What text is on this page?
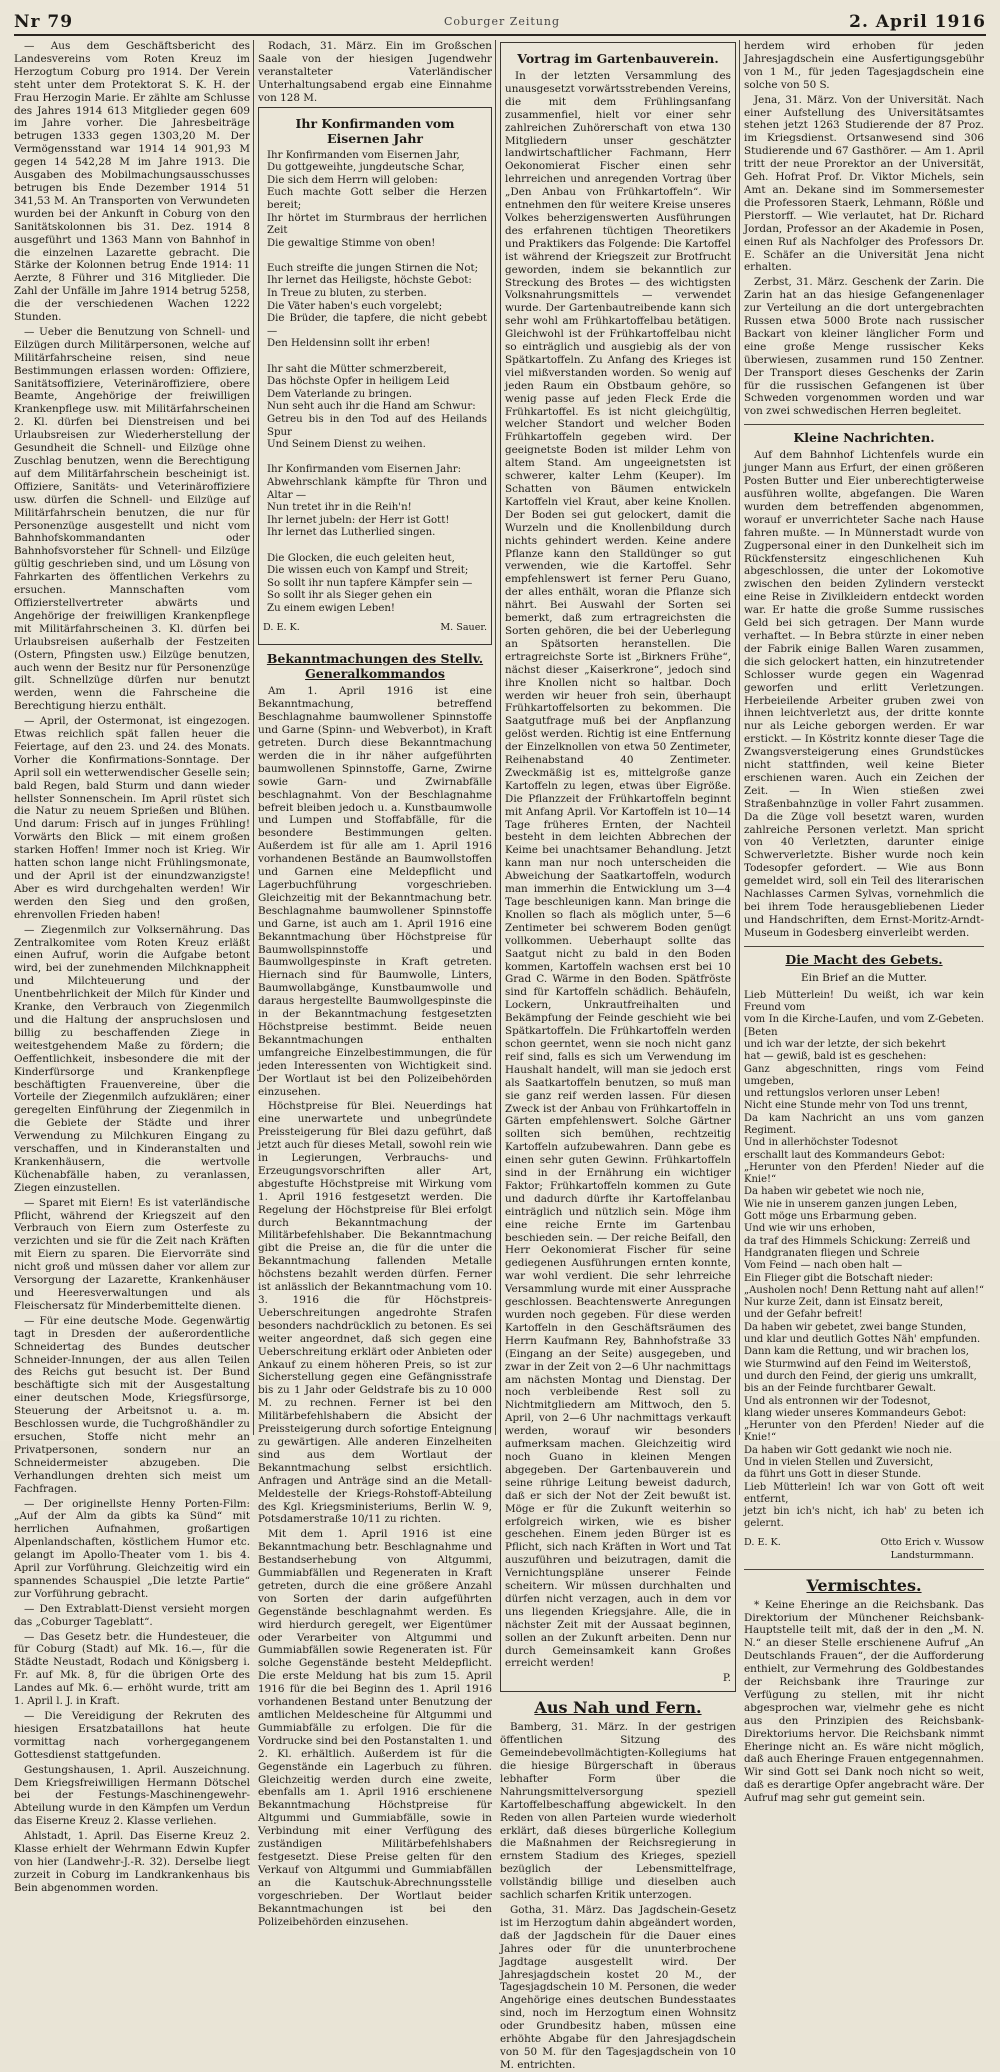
Nr 79	Coburger Zeitung	2. April 1916

— Aus dem Geschäftsbericht des Landesvereins vom Roten Kreuz im Herzogtum Coburg pro 1914. Der Verein steht unter dem Protektorat S. K. H. der Frau Herzogin Marie. Er zählte am Schlusse des Jahres 1914 613 Mitglieder gegen 609 im Jahre vorher. Die Jahresbeiträge betrugen 1333 gegen 1303,20 M. Der Vermögensstand war 1914 14 901,93 M gegen 14 542,28 M im Jahre 1913. Die Ausgaben des Mobilmachungsausschusses betrugen bis Ende Dezember 1914 51 341,53 M. An Transporten von Verwundeten wurden bei der Ankunft in Coburg von den Sanitätskolonnen bis 31. Dez. 1914 8 ausgeführt und 1363 Mann von Bahnhof in die einzelnen Lazarette gebracht. Die Stärke der Kolonnen betrug Ende 1914: 11 Aerzte, 8 Führer und 316 Mitglieder. Die Zahl der Unfälle im Jahre 1914 betrug 5258, die der verschiedenen Wachen 1222 Stunden.

— Ueber die Benutzung von Schnell- und Eilzügen durch Militärpersonen, welche auf Militärfahrscheine reisen, sind neue Bestimmungen erlassen worden: Offiziere, Sanitätsoffiziere, Veterinäroffiziere, obere Beamte, Angehörige der freiwilligen Krankenpflege usw. mit Militärfahrscheinen 2. Kl. dürfen bei Dienstreisen und bei Urlaubsreisen zur Wiederherstellung der Gesundheit die Schnell- und Eilzüge ohne Zuschlag benutzen, wenn die Berechtigung auf dem Militärfahrschein bescheinigt ist. Offiziere, Sanitäts- und Veterinäroffiziere usw. dürfen die Schnell- und Eilzüge auf Militärfahrschein benutzen, die nur für Personenzüge ausgestellt und nicht vom Bahnhofskommandanten oder Bahnhofsvorsteher für Schnell- und Eilzüge gültig geschrieben sind, und um Lösung von Fahrkarten des öffentlichen Verkehrs zu ersuchen. Mannschaften vom Offizierstellvertreter abwärts und Angehörige der freiwilligen Krankenpflege mit Militärfahrscheinen 3. Kl. dürfen bei Urlaubsreisen außerhalb der Festzeiten (Ostern, Pfingsten usw.) Eilzüge benutzen, auch wenn der Besitz nur für Personenzüge gilt. Schnellzüge dürfen nur benutzt werden, wenn die Fahrscheine die Berechtigung hierzu enthält.

— April, der Ostermonat, ist eingezogen. Etwas reichlich spät fallen heuer die Feiertage, auf den 23. und 24. des Monats. Vorher die Konfirmations-Sonntage. Der April soll ein wetterwendischer Geselle sein; bald Regen, bald Sturm und dann wieder hellster Sonnenschein. Im April rüstet sich die Natur zu neuem Sprießen und Blühen. Und darum: Frisch auf in junges Frühling! Vorwärts den Blick — mit einem großen starken Hoffen! Immer noch ist Krieg. Wir hatten schon lange nicht Frühlingsmonate, und der April ist der einundzwanzigste! Aber es wird durchgehalten werden! Wir werden den Sieg und den großen, ehrenvollen Frieden haben!

— Ziegenmilch zur Volksernährung. Das Zentralkomitee vom Roten Kreuz erläßt einen Aufruf, worin die Aufgabe betont wird, bei der zunehmenden Milchknappheit und Milchteuerung und der Unentbehrlichkeit der Milch für Kinder und Kranke, den Verbrauch von Ziegenmilch und die Haltung der anspruchslosen und billig zu beschaffenden Ziege in weitestgehendem Maße zu fördern; die Oeffentlichkeit, insbesondere die mit der Kinderfürsorge und Krankenpflege beschäftigten Frauenvereine, über die Vorteile der Ziegenmilch aufzuklären; einer geregelten Einführung der Ziegenmilch in die Gebiete der Städte und ihrer Verwendung zu Milchkuren Eingang zu verschaffen, und in Kinderanstalten und Krankenhäusern, die wertvolle Küchenabfälle haben, zu veranlassen, Ziegen einzustellen.

— Sparet mit Eiern! Es ist vaterländische Pflicht, während der Kriegszeit auf den Verbrauch von Eiern zum Osterfeste zu verzichten und sie für die Zeit nach Kräften mit Eiern zu sparen. Die Eiervorräte sind nicht groß und müssen daher vor allem zur Versorgung der Lazarette, Krankenhäuser und Heeresverwaltungen und als Fleischersatz für Minderbemittelte dienen.

— Für eine deutsche Mode. Gegenwärtig tagt in Dresden der außerordentliche Schneidertag des Bundes deutscher Schneider-Innungen, der aus allen Teilen des Reichs gut besucht ist. Der Bund beschäftigte sich mit der Ausgestaltung einer deutschen Mode, Kriegsfürsorge, Steuerung der Arbeitsnot u. a. m. Beschlossen wurde, die Tuchgroßhändler zu ersuchen, Stoffe nicht mehr an Privatpersonen, sondern nur an Schneidermeister abzugeben. Die Verhandlungen drehten sich meist um Fachfragen.

— Der originellste Henny Porten-Film: „Auf der Alm da gibts ka Sünd“ mit herrlichen Aufnahmen, großartigen Alpenlandschaften, köstlichem Humor etc. gelangt im Apollo-Theater vom 1. bis 4. April zur Vorführung. Gleichzeitig wird ein spannendes Schauspiel „Die letzte Partie“ zur Vorführung gebracht.

— Den Extrablatt-Dienst versieht morgen das „Coburger Tageblatt“.

— Das Gesetz betr. die Hundesteuer, die für Coburg (Stadt) auf Mk. 16.—, für die Städte Neustadt, Rodach und Königsberg i. Fr. auf Mk. 8, für die übrigen Orte des Landes auf Mk. 6.— erhöht wurde, tritt am 1. April l. J. in Kraft.

— Die Vereidigung der Rekruten des hiesigen Ersatzbataillons hat heute vormittag nach vorhergegangenem Gottesdienst stattgefunden.

Gestungshausen, 1. April. Auszeichnung. Dem Kriegsfreiwilligen Hermann Dötschel bei der Festungs-Maschinengewehr-Abteilung wurde in den Kämpfen um Verdun das Eiserne Kreuz 2. Klasse verliehen.

Ahlstadt, 1. April. Das Eiserne Kreuz 2. Klasse erhielt der Wehrmann Edwin Kupfer von hier (Landwehr-J.-R. 32). Derselbe liegt zurzeit in Coburg im Landkrankenhaus bis Bein abgenommen worden.

Rodach, 31. März. Ein im Großschen Saale von der hiesigen Jugendwehr veranstalteter Vaterländischer Unterhaltungsabend ergab eine Einnahme von 128 M.

Ihr Konfirmanden vom Eisernen Jahr
Ihr Konfirmanden vom Eisernen Jahr,
Du gottgeweihte, jungdeutsche Schar,
Die sich dem Herrn will geloben:
Euch machte Gott selber die Herzen bereit;
Ihr hörtet im Sturmbraus der herrlichen Zeit
Die gewaltige Stimme von oben!

Euch streifte die jungen Stirnen die Not;
Ihr lernet das Heiligste, höchste Gebot:
In Treue zu bluten, zu sterben.
Die Väter haben's euch vorgelebt;
Die Brüder, die tapfere, die nicht gebebt —
Den Heldensinn sollt ihr erben!

Ihr saht die Mütter schmerzbereit,
Das höchste Opfer in heiligem Leid
Dem Vaterlande zu bringen.
Nun seht auch ihr die Hand am Schwur:
Getreu bis in den Tod auf des Heilands Spur
Und Seinem Dienst zu weihen.

Ihr Konfirmanden vom Eisernen Jahr:
Abwehrschlank kämpfte für Thron und Altar —
Nun tretet ihr in die Reih'n!
Ihr lernet jubeln: der Herr ist Gott!
Ihr lernet das Lutherlied singen.

Die Glocken, die euch geleiten heut,
Die wissen euch von Kampf und Streit;
So sollt ihr nun tapfere Kämpfer sein —
So sollt ihr als Sieger gehen ein
Zu einem ewigen Leben!
D. E. K.	M. Sauer.
Bekanntmachungen des Stellv. Generalkommandos

Am 1. April 1916 ist eine Bekanntmachung, betreffend Beschlagnahme baumwollener Spinnstoffe und Garne (Spinn- und Webverbot), in Kraft getreten. Durch diese Bekanntmachung werden die in ihr näher aufgeführten baumwollenen Spinnstoffe, Garne, Zwirne sowie Garn- und Zwirnabfälle beschlagnahmt. Von der Beschlagnahme befreit bleiben jedoch u. a. Kunstbaumwolle und Lumpen und Stoffabfälle, für die besondere Bestimmungen gelten. Außerdem ist für alle am 1. April 1916 vorhandenen Bestände an Baumwollstoffen und Garnen eine Meldepflicht und Lagerbuchführung vorgeschrieben. Gleichzeitig mit der Bekanntmachung betr. Beschlagnahme baumwollener Spinnstoffe und Garne, ist auch am 1. April 1916 eine Bekanntmachung über Höchstpreise für Baumwollspinnstoffe und Baumwollgespinste in Kraft getreten. Hiernach sind für Baumwolle, Linters, Baumwollabgänge, Kunstbaumwolle und daraus hergestellte Baumwollgespinste die in der Bekanntmachung festgesetzten Höchstpreise bestimmt. Beide neuen Bekanntmachungen enthalten umfangreiche Einzelbestimmungen, die für jeden Interessenten von Wichtigkeit sind. Der Wortlaut ist bei den Polizeibehörden einzusehen.

Höchstpreise für Blei. Neuerdings hat eine unerwartete und unbegründete Preissteigerung für Blei dazu geführt, daß jetzt auch für dieses Metall, sowohl rein wie in Legierungen, Verbrauchs- und Erzeugungsvorschriften aller Art, abgestufte Höchstpreise mit Wirkung vom 1. April 1916 festgesetzt werden. Die Regelung der Höchstpreise für Blei erfolgt durch Bekanntmachung der Militärbefehlshaber. Die Bekanntmachung gibt die Preise an, die für die unter die Bekanntmachung fallenden Metalle höchstens bezahlt werden dürfen. Ferner ist anlässlich der Bekanntmachung vom 10. 3. 1916 die für Höchstpreis-Ueberschreitungen angedrohte Strafen besonders nachdrücklich zu betonen. Es sei weiter angeordnet, daß sich gegen eine Ueberschreitung erklärt oder Anbieten oder Ankauf zu einem höheren Preis, so ist zur Sicherstellung gegen eine Gefängnisstrafe bis zu 1 Jahr oder Geldstrafe bis zu 10 000 M. zu rechnen. Ferner ist bei den Militärbefehlshabern die Absicht der Preissteigerung durch sofortige Enteignung zu gewärtigen. Alle anderen Einzelheiten sind aus dem Wortlaut der Bekanntmachung selbst ersichtlich. Anfragen und Anträge sind an die Metall-Meldestelle der Kriegs-Rohstoff-Abteilung des Kgl. Kriegsministeriums, Berlin W. 9, Potsdamerstraße 10/11 zu richten.

Mit dem 1. April 1916 ist eine Bekanntmachung betr. Beschlagnahme und Bestandserhebung von Altgummi, Gummiabfällen und Regeneraten in Kraft getreten, durch die eine größere Anzahl von Sorten der darin aufgeführten Gegenstände beschlagnahmt werden. Es wird hierdurch geregelt, wer Eigentümer oder Verarbeiter von Altgummi und Gummiabfällen sowie Regeneraten ist. Für solche Gegenstände besteht Meldepflicht. Die erste Meldung hat bis zum 15. April 1916 für die bei Beginn des 1. April 1916 vorhandenen Bestand unter Benutzung der amtlichen Meldescheine für Altgummi und Gummiabfälle zu erfolgen. Die für die Vordrucke sind bei den Postanstalten 1. und 2. Kl. erhältlich. Außerdem ist für die Gegenstände ein Lagerbuch zu führen. Gleichzeitig werden durch eine zweite, ebenfalls am 1. April 1916 erschienene Bekanntmachung Höchstpreise für Altgummi und Gummiabfälle, sowie in Verbindung mit einer Verfügung des zuständigen Militärbefehlshabers festgesetzt. Diese Preise gelten für den Verkauf von Altgummi und Gummiabfällen an die Kautschuk-Abrechnungsstelle vorgeschrieben. Der Wortlaut beider Bekanntmachungen ist bei den Polizeibehörden einzusehen.

Vortrag im Gartenbauverein.

In der letzten Versammlung des unausgesetzt vorwärtsstrebenden Vereins, die mit dem Frühlingsanfang zusammenfiel, hielt vor einer sehr zahlreichen Zuhörerschaft von etwa 130 Mitgliedern unser geschätzter landwirtschaftlicher Fachmann, Herr Oekonomierat Fischer einen sehr lehrreichen und anregenden Vortrag über „Den Anbau von Frühkartoffeln“. Wir entnehmen den für weitere Kreise unseres Volkes beherzigenswerten Ausführungen des erfahrenen tüchtigen Theoretikers und Praktikers das Folgende: Die Kartoffel ist während der Kriegszeit zur Brotfrucht geworden, indem sie bekanntlich zur Streckung des Brotes — des wichtigsten Volksnahrungsmittels — verwendet wurde. Der Gartenbautreibende kann sich sehr wohl am Frühkartoffelbau betätigen. Gleichwohl ist der Frühkartoffelbau nicht so einträglich und ausgiebig als der von Spätkartoffeln. Zu Anfang des Krieges ist viel mißverstanden worden. So wenig auf jeden Raum ein Obstbaum gehöre, so wenig passe auf jeden Fleck Erde die Frühkartoffel. Es ist nicht gleichgültig, welcher Standort und welcher Boden Frühkartoffeln gegeben wird. Der geeignetste Boden ist milder Lehm von altem Stand. Am ungeeignetsten ist schwerer, kalter Lehm (Keuper). Im Schatten von Bäumen entwickeln Kartoffeln viel Kraut, aber keine Knollen. Der Boden sei gut gelockert, damit die Wurzeln und die Knollenbildung durch nichts gehindert werden. Keine andere Pflanze kann den Stalldünger so gut verwenden, wie die Kartoffel. Sehr empfehlenswert ist ferner Peru Guano, der alles enthält, woran die Pflanze sich nährt. Bei Auswahl der Sorten sei bemerkt, daß zum ertragreichsten die Sorten gehören, die bei der Ueberlegung an Spätsorten heranstellen. Die ertragreichste Sorte ist „Birkners Frühe“, nächst dieser „Kaiserkrone“, jedoch sind ihre Knollen nicht so haltbar. Doch werden wir heuer froh sein, überhaupt Frühkartoffelsorten zu bekommen. Die Saatgutfrage muß bei der Anpflanzung gelöst werden. Richtig ist eine Entfernung der Einzelknollen von etwa 50 Zentimeter, Reihenabstand 40 Zentimeter. Zweckmäßig ist es, mittelgroße ganze Kartoffeln zu legen, etwas über Eigröße. Die Pflanzzeit der Frühkartoffeln beginnt mit Anfang April. Vor Kartoffeln ist 10—14 Tage früheres Ernten, der Nachteil besteht in dem leichten Abbrechen der Keime bei unachtsamer Behandlung. Jetzt kann man nur noch unterscheiden die Abweichung der Saatkartoffeln, wodurch man immerhin die Entwicklung um 3—4 Tage beschleunigen kann. Man bringe die Knollen so flach als möglich unter, 5—6 Zentimeter bei schwerem Boden genügt vollkommen. Ueberhaupt sollte das Saatgut nicht zu bald in den Boden kommen, Kartoffeln wachsen erst bei 10 Grad C. Wärme in den Boden. Spätfröste sind für Kartoffeln schädlich. Behäufeln, Lockern, Unkrautfreihalten und Bekämpfung der Feinde geschieht wie bei Spätkartoffeln. Die Frühkartoffeln werden schon geerntet, wenn sie noch nicht ganz reif sind, falls es sich um Verwendung im Haushalt handelt, will man sie jedoch erst als Saatkartoffeln benutzen, so muß man sie ganz reif werden lassen. Für diesen Zweck ist der Anbau von Frühkartoffeln in Gärten empfehlenswert. Solche Gärtner sollten sich bemühen, rechtzeitig Kartoffeln aufzubewahren. Dann gebe es einen sehr guten Gewinn. Frühkartoffeln sind in der Ernährung ein wichtiger Faktor; Frühkartoffeln kommen zu Gute und dadurch dürfte ihr Kartoffelanbau einträglich und nützlich sein. Möge ihm eine reiche Ernte im Gartenbau beschieden sein. — Der reiche Beifall, den Herr Oekonomierat Fischer für seine gediegenen Ausführungen ernten konnte, war wohl verdient. Die sehr lehrreiche Versammlung wurde mit einer Aussprache geschlossen. Beachtenswerte Anregungen wurden noch gegeben. Für diese werden Kartoffeln in den Geschäftsräumen des Herrn Kaufmann Rey, Bahnhofstraße 33 (Eingang an der Seite) ausgegeben, und zwar in der Zeit von 2—6 Uhr nachmittags am nächsten Montag und Dienstag. Der noch verbleibende Rest soll zu Nichtmitgliedern am Mittwoch, den 5. April, von 2—6 Uhr nachmittags verkauft werden, worauf wir besonders aufmerksam machen. Gleichzeitig wird noch Guano in kleinen Mengen abgegeben. Der Gartenbauverein und seine rührige Leitung beweist dadurch, daß er sich der Not der Zeit bewußt ist. Möge er für die Zukunft weiterhin so erfolgreich wirken, wie es bisher geschehen. Einem jeden Bürger ist es Pflicht, sich nach Kräften in Wort und Tat auszuführen und beizutragen, damit die Vernichtungspläne unserer Feinde scheitern. Wir müssen durchhalten und dürfen nicht verzagen, auch in dem vor uns liegenden Kriegsjahre. Alle, die in nächster Zeit mit der Aussaat beginnen, sollen an der Zukunft arbeiten. Denn nur durch Gemeinsamkeit kann Großes erreicht werden!

P.

Aus Nah und Fern.

Bamberg, 31. März. In der gestrigen öffentlichen Sitzung des Gemeindebevollmächtigten-Kollegiums hat die hiesige Bürgerschaft in überaus lebhafter Form über die Nahrungsmittelversorgung speziell Kartoffelbeschaffung abgewickelt. In den Reden von allen Parteien wurde wiederholt erklärt, daß dieses bürgerliche Kollegium die Maßnahmen der Reichsregierung in ernstem Stadium des Krieges, speziell bezüglich der Lebensmittelfrage, vollständig billige und dieselben auch sachlich scharfen Kritik unterzogen.

Gotha, 31. März. Das Jagdschein-Gesetz ist im Herzogtum dahin abgeändert worden, daß der Jagdschein für die Dauer eines Jahres oder für die ununterbrochene Jagdtage ausgestellt wird. Der Jahresjagdschein kostet 20 M., der Tagesjagdschein 10 M. Personen, die weder Angehörige eines deutschen Bundesstaates sind, noch im Herzogtum einen Wohnsitz oder Grundbesitz haben, müssen eine erhöhte Abgabe für den Jahresjagdschein von 50 M. für den Tagesjagdschein von 10 M. entrichten.

herdem wird erhoben für jeden Jahresjagdschein eine Ausfertigungsgebühr von 1 M., für jeden Tagesjagdschein eine solche von 50 S.

Jena, 31. März. Von der Universität. Nach einer Aufstellung des Universitätsamtes stehen jetzt 1263 Studierende der 87 Proz. im Kriegsdienst. Ortsanwesend sind 306 Studierende und 67 Gasthörer. — Am 1. April tritt der neue Prorektor an der Universität, Geh. Hofrat Prof. Dr. Viktor Michels, sein Amt an. Dekane sind im Sommersemester die Professoren Staerk, Lehmann, Rößle und Pierstorff. — Wie verlautet, hat Dr. Richard Jordan, Professor an der Akademie in Posen, einen Ruf als Nachfolger des Professors Dr. E. Schäfer an die Universität Jena nicht erhalten.

Zerbst, 31. März. Geschenk der Zarin. Die Zarin hat an das hiesige Gefangenenlager zur Verteilung an die dort untergebrachten Russen etwa 5000 Brote nach russischer Backart von kleiner länglicher Form und eine große Menge russischer Keks überwiesen, zusammen rund 150 Zentner. Der Transport dieses Geschenks der Zarin für die russischen Gefangenen ist über Schweden vorgenommen worden und war von zwei schwedischen Herren begleitet.

Kleine Nachrichten.

Auf dem Bahnhof Lichtenfels wurde ein junger Mann aus Erfurt, der einen größeren Posten Butter und Eier unberechtigterweise ausführen wollte, abgefangen. Die Waren wurden dem betreffenden abgenommen, worauf er unverrichteter Sache nach Hause fahren mußte. — In Münnerstadt wurde von Zugpersonal einer in den Dunkelheit sich im Rückfenstersitz eingeschlichenen Kuh abgeschlossen, die unter der Lokomotive zwischen den beiden Zylindern versteckt eine Reise in Zivilkleidern entdeckt worden war. Er hatte die große Summe russisches Geld bei sich getragen. Der Mann wurde verhaftet. — In Bebra stürzte in einer neben der Fabrik einige Ballen Waren zusammen, die sich gelockert hatten, ein hinzutretender Schlosser wurde gegen ein Wagenrad geworfen und erlitt Verletzungen. Herbeieilende Arbeiter gruben zwei von ihnen leichtverletzt aus, der dritte konnte nur als Leiche geborgen werden. Er war erstickt. — In Köstritz konnte dieser Tage die Zwangsversteigerung eines Grundstückes nicht stattfinden, weil keine Bieter erschienen waren. Auch ein Zeichen der Zeit. — In Wien stießen zwei Straßenbahnzüge in voller Fahrt zusammen. Da die Züge voll besetzt waren, wurden zahlreiche Personen verletzt. Man spricht von 40 Verletzten, darunter einige Schwerverletzte. Bisher wurde noch kein Todesopfer gefordert. — Wie aus Bonn gemeldet wird, soll ein Teil des literarischen Nachlasses Carmen Sylvas, vornehmlich die bei ihrem Tode herausgebliebenen Lieder und Handschriften, dem Ernst-Moritz-Arndt-Museum in Godesberg einverleibt werden.

Die Macht des Gebets.
Ein Brief an die Mutter.
Lieb Mütterlein! Du weißt, ich war kein Freund vom
vom In die Kirche-Laufen, und vom Z-Gebeten. [Beten
und ich war der letzte, der sich bekehrt
hat — gewiß, bald ist es geschehen:
Ganz abgeschnitten, rings vom Feind umgeben,
und rettungslos verloren unser Leben!
Nicht eine Stunde mehr von Tod uns trennt,
Da kam Nachricht an uns vom ganzen Regiment.
Und in allerhöchster Todesnot
erschallt laut des Kommandeurs Gebot:
„Herunter von den Pferden! Nieder auf die Knie!“
Da haben wir gebetet wie noch nie,
Wie nie in unserem ganzen jungen Leben,
Gott möge uns Erbarmung geben.
Und wie wir uns erhoben,
da traf des Himmels Schickung: Zerreiß und
Handgranaten fliegen und Schreie
Vom Feind — nach oben halt —
Ein Flieger gibt die Botschaft nieder:
„Ausholen noch! Denn Rettung naht auf allen!“
Nur kurze Zeit, dann ist Einsatz bereit,
und der Gefahr befreit!
Da haben wir gebetet, zwei bange Stunden,
und klar und deutlich Gottes Näh' empfunden.
Dann kam die Rettung, und wir brachen los,
wie Sturmwind auf den Feind im Weiterstoß,
und durch den Feind, der gierig uns umkrallt,
bis an der Feinde furchtbarer Gewalt.
Und als entronnen wir der Todesnot,
klang wieder unseres Kommandeurs Gebot:
„Herunter von den Pferden! Nieder auf die Knie!“
Da haben wir Gott gedankt wie noch nie.
Und in vielen Stellen und Zuversicht,
da führt uns Gott in dieser Stunde.
Lieb Mütterlein! Ich war von Gott oft weit entfernt,
jetzt bin ich's nicht, ich hab' zu beten ich gelernt.
D. E. K.	Otto Erich v. Wussow
Landsturmmann.
Vermischtes.

* Keine Eheringe an die Reichsbank. Das Direktorium der Münchener Reichsbank-Hauptstelle teilt mit, daß der in den „M. N. N.“ an dieser Stelle erschienene Aufruf „An Deutschlands Frauen“, der die Aufforderung enthielt, zur Vermehrung des Goldbestandes der Reichsbank ihre Trauringe zur Verfügung zu stellen, mit ihr nicht abgesprochen war, vielmehr gehe es nicht aus den Prinzipien des Reichsbank-Direktoriums hervor. Die Reichsbank nimmt Eheringe nicht an. Es wäre nicht möglich, daß auch Eheringe Frauen entgegennahmen. Wir sind Gott sei Dank noch nicht so weit, daß es derartige Opfer angebracht wäre. Der Aufruf mag sehr gut gemeint sein.
